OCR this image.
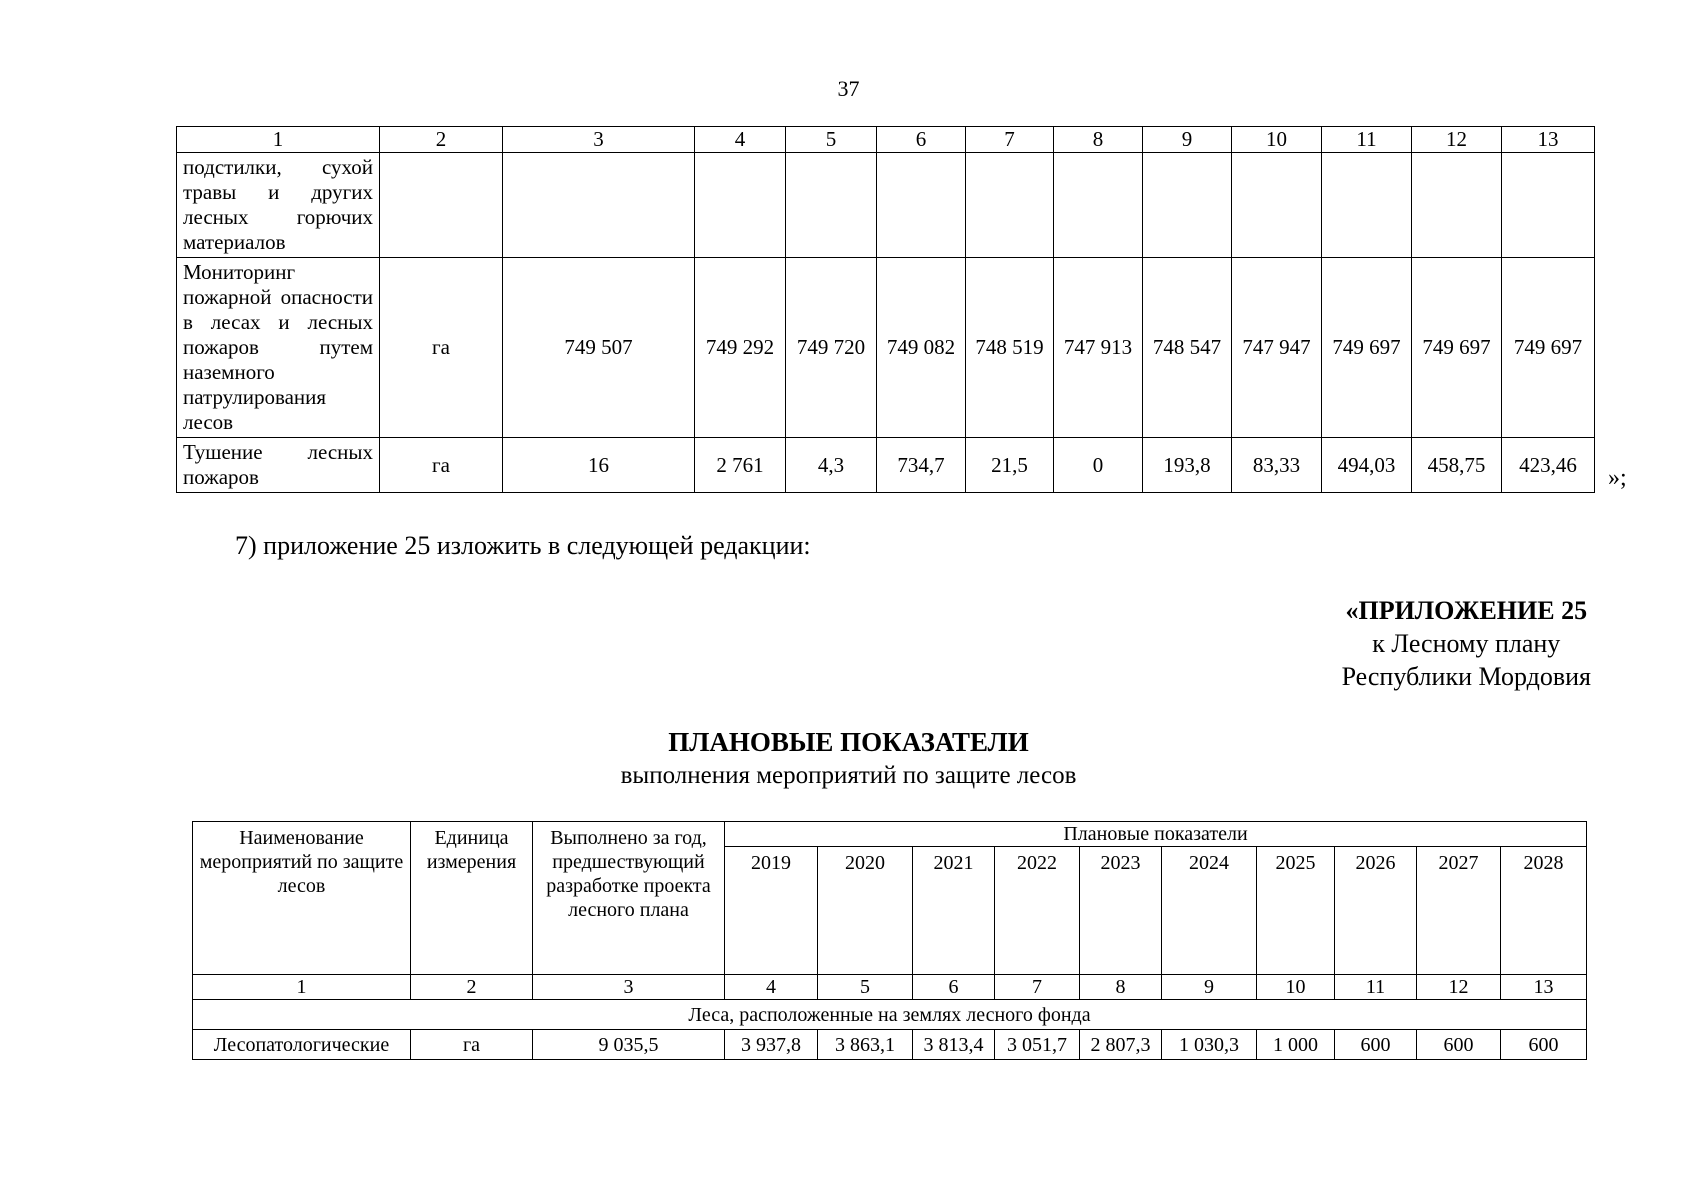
37
1	2	3	4	5	6	7	8	9	10	11	12	13
подстилки, сухой травы и других лесных горючих материалов												
Мониторинг пожарной опасности в лесах и лесных пожаров путем наземного патрулирования лесов	га	749 507	749 292	749 720	749 082	748 519	747 913	748 547	747 947	749 697	749 697	749 697
Тушение лесных пожаров	га	16	2 761	4,3	734,7	21,5	0	193,8	83,33	494,03	458,75	423,46
»;
7) приложение 25 изложить в следующей редакции:
«ПРИЛОЖЕНИЕ 25
к Лесному плану
Республики Мордовия
ПЛАНОВЫЕ ПОКАЗАТЕЛИ
выполнения мероприятий по защите лесов
Наименование мероприятий по защите лесов	Единица измерения	Выполнено за год, предшествующий разработке проекта лесного плана	Плановые показатели									
			2019	2020	2021	2022	2023	2024	2025	2026	2027	2028
1	2	3	4	5	6	7	8	9	10	11	12	13
Леса, расположенные на землях лесного фонда												
Лесопатологические	га	9 035,5	3 937,8	3 863,1	3 813,4	3 051,7	2 807,3	1 030,3	1 000	600	600	600
